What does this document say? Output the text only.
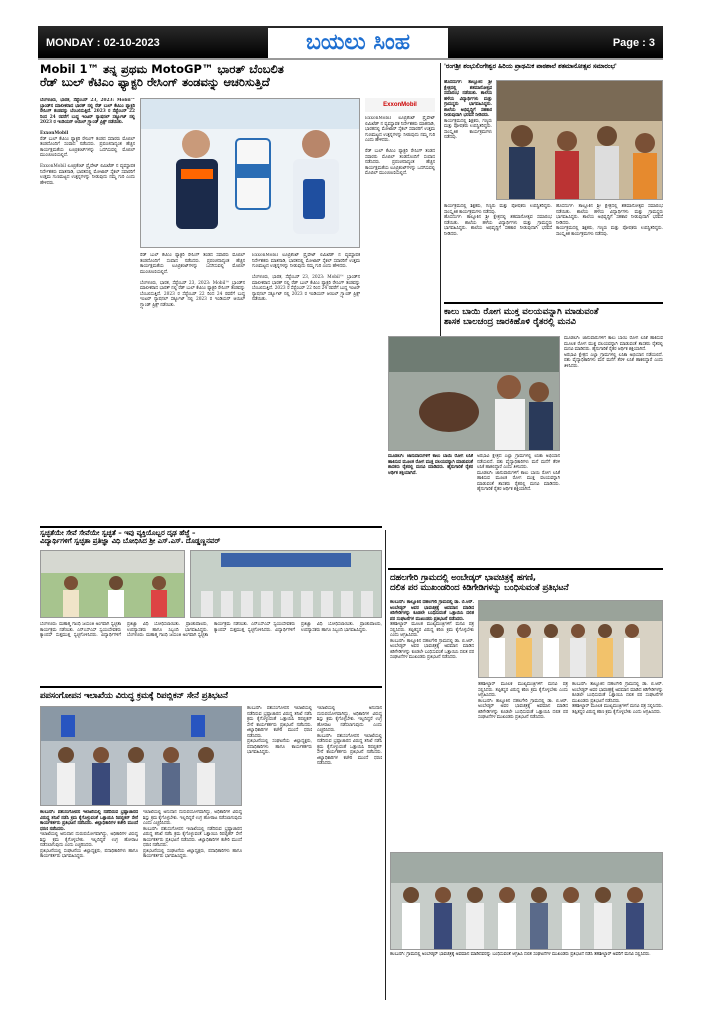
MONDAY : 02-10-2023	ಬಯಲು ಸಿಂಹ	Page : 3
Mobil 1™ ತನ್ನ ಪ್ರಥಮ MotoGP™ ಭಾರತ್ ಬೆಂಬಲಿತ
ರೆಡ್ ಬುಲ್ ಕೆಟಿಎಂ ಫ್ಯಾಕ್ಟರಿ ರೇಸಿಂಗ್ ತಂಡವನ್ನು ಆಚರಿಸುತ್ತಿದೆ
ಬೆಂಗಳೂರು, ಭಾರತ, ಸೆಪ್ಟೆಂಬರ್ 23, 2023: Mobil™ ಬ್ರಾಂಡ್‌ನ ಮಾಲೀಕರಾದ ಭಾರತ್ ನಲ್ಲಿ ರೆಡ್ ಬುಲ್ ಕೆಟಿಎಂ ಫ್ಯಾಕ್ಟರಿ ರೇಸಿಂಗ್ ತಂಡವನ್ನು ಬೆಂಬಲಿಸುತ್ತಿದೆ. 2023 ರ ಸೆಪ್ಟೆಂಬರ್ 22 ರಿಂದ 24 ರವರೆಗೆ ಬುದ್ಧ ಇಂಟರ್ ನ್ಯಾಷನಲ್ ಸರ್ಕ್ಯೂಟ್ ನಲ್ಲಿ 2023 ರ ಇಂಡಿಯನ್ ಆಯಿಲ್ ಗ್ರ್ಯಾಂಡ್ ಪ್ರಿಕ್ಸ್ ನಡೆಯಿತು.

ExxonMobil
ರೆಡ್ ಬುಲ್ ಕೆಟಿಎಂ ಫ್ಯಾಕ್ಟರಿ ರೇಸಿಂಗ್ ತಂಡದ ಸವಾರರು ಮೊಬಿಲ್ ತಂಡದೊಂದಿಗೆ ಸಂವಾದ ನಡೆಸಿದರು. ಪ್ರಪಂಚದಾದ್ಯಂತ ಹೆಚ್ಚಿನ ಕಾರ್ಯಕ್ಷಮತೆಯ ಲೂಬ್ರಿಕಂಟ್‌ಗಳನ್ನು ಒದಗಿಸುವಲ್ಲಿ ಮೊಬಿಲ್ ಮುಂಚೂಣಿಯಲ್ಲಿದೆ.

ExxonMobil ಲೂಬ್ರಿಕೆಂಟ್ ಪ್ರೈವೇಟ್ ಲಿಮಿಟೆಡ್ ನ ವ್ಯವಸ್ಥಾಪಕ ನಿರ್ದೇಶಕರು ಮಾತನಾಡಿ, ಭಾರತದಲ್ಲಿ ಮೋಟಾರ್ ಸೈಕಲ್ ಸವಾರರಿಗೆ ಉತ್ತಮ ಗುಣಮಟ್ಟದ ಉತ್ಪನ್ನಗಳನ್ನು ನೀಡುವುದು ನಮ್ಮ ಗುರಿ ಎಂದು ಹೇಳಿದರು.
ExxonMobil
ExxonMobil ಲೂಬ್ರಿಕೆಂಟ್ ಪ್ರೈವೇಟ್ ಲಿಮಿಟೆಡ್ ನ ವ್ಯವಸ್ಥಾಪಕ ನಿರ್ದೇಶಕರು ಮಾತನಾಡಿ, ಭಾರತದಲ್ಲಿ ಮೋಟಾರ್ ಸೈಕಲ್ ಸವಾರರಿಗೆ ಉತ್ತಮ ಗುಣಮಟ್ಟದ ಉತ್ಪನ್ನಗಳನ್ನು ನೀಡುವುದು ನಮ್ಮ ಗುರಿ ಎಂದು ಹೇಳಿದರು.

ರೆಡ್ ಬುಲ್ ಕೆಟಿಎಂ ಫ್ಯಾಕ್ಟರಿ ರೇಸಿಂಗ್ ತಂಡದ ಸವಾರರು ಮೊಬಿಲ್ ತಂಡದೊಂದಿಗೆ ಸಂವಾದ ನಡೆಸಿದರು. ಪ್ರಪಂಚದಾದ್ಯಂತ ಹೆಚ್ಚಿನ ಕಾರ್ಯಕ್ಷಮತೆಯ ಲೂಬ್ರಿಕಂಟ್‌ಗಳನ್ನು ಒದಗಿಸುವಲ್ಲಿ ಮೊಬಿಲ್ ಮುಂಚೂಣಿಯಲ್ಲಿದೆ.
ರೆಡ್ ಬುಲ್ ಕೆಟಿಎಂ ಫ್ಯಾಕ್ಟರಿ ರೇಸಿಂಗ್ ತಂಡದ ಸವಾರರು ಮೊಬಿಲ್ ತಂಡದೊಂದಿಗೆ ಸಂವಾದ ನಡೆಸಿದರು. ಪ್ರಪಂಚದಾದ್ಯಂತ ಹೆಚ್ಚಿನ ಕಾರ್ಯಕ್ಷಮತೆಯ ಲೂಬ್ರಿಕಂಟ್‌ಗಳನ್ನು ಒದಗಿಸುವಲ್ಲಿ ಮೊಬಿಲ್ ಮುಂಚೂಣಿಯಲ್ಲಿದೆ.

ಬೆಂಗಳೂರು, ಭಾರತ, ಸೆಪ್ಟೆಂಬರ್ 23, 2023: Mobil™ ಬ್ರಾಂಡ್‌ನ ಮಾಲೀಕರಾದ ಭಾರತ್ ನಲ್ಲಿ ರೆಡ್ ಬುಲ್ ಕೆಟಿಎಂ ಫ್ಯಾಕ್ಟರಿ ರೇಸಿಂಗ್ ತಂಡವನ್ನು ಬೆಂಬಲಿಸುತ್ತಿದೆ. 2023 ರ ಸೆಪ್ಟೆಂಬರ್ 22 ರಿಂದ 24 ರವರೆಗೆ ಬುದ್ಧ ಇಂಟರ್ ನ್ಯಾಷನಲ್ ಸರ್ಕ್ಯೂಟ್ ನಲ್ಲಿ 2023 ರ ಇಂಡಿಯನ್ ಆಯಿಲ್ ಗ್ರ್ಯಾಂಡ್ ಪ್ರಿಕ್ಸ್ ನಡೆಯಿತು.
ExxonMobil ಲೂಬ್ರಿಕೆಂಟ್ ಪ್ರೈವೇಟ್ ಲಿಮಿಟೆಡ್ ನ ವ್ಯವಸ್ಥಾಪಕ ನಿರ್ದೇಶಕರು ಮಾತನಾಡಿ, ಭಾರತದಲ್ಲಿ ಮೋಟಾರ್ ಸೈಕಲ್ ಸವಾರರಿಗೆ ಉತ್ತಮ ಗುಣಮಟ್ಟದ ಉತ್ಪನ್ನಗಳನ್ನು ನೀಡುವುದು ನಮ್ಮ ಗುರಿ ಎಂದು ಹೇಳಿದರು.

ಬೆಂಗಳೂರು, ಭಾರತ, ಸೆಪ್ಟೆಂಬರ್ 23, 2023: Mobil™ ಬ್ರಾಂಡ್‌ನ ಮಾಲೀಕರಾದ ಭಾರತ್ ನಲ್ಲಿ ರೆಡ್ ಬುಲ್ ಕೆಟಿಎಂ ಫ್ಯಾಕ್ಟರಿ ರೇಸಿಂಗ್ ತಂಡವನ್ನು ಬೆಂಬಲಿಸುತ್ತಿದೆ. 2023 ರ ಸೆಪ್ಟೆಂಬರ್ 22 ರಿಂದ 24 ರವರೆಗೆ ಬುದ್ಧ ಇಂಟರ್ ನ್ಯಾಷನಲ್ ಸರ್ಕ್ಯೂಟ್ ನಲ್ಲಿ 2023 ರ ಇಂಡಿಯನ್ ಆಯಿಲ್ ಗ್ರ್ಯಾಂಡ್ ಪ್ರಿಕ್ಸ್ ನಡೆಯಿತು.
'ರಂಗಶ್ರೀ ಶಂಭುಲಿಂಗೇಶ್ವರ ಹಿರಿಯ ಪ್ರಾಥಮಿಕ ಪಾಠಶಾಲೆ ಶತಮಾನೋತ್ಸವ ಸಮಾರಂಭ'
ಹೊಸದುರ್ಗ: ತಾಲ್ಲೂಕಿನ ಶ್ರೀ ಕ್ಷೇತ್ರದಲ್ಲಿ ಶತಮಾನೋತ್ಸವ ಸಮಾರಂಭ ನಡೆಯಿತು. ಶಾಲೆಯ ಹಳೆಯ ವಿದ್ಯಾರ್ಥಿಗಳು ಮತ್ತು ಗ್ರಾಮಸ್ಥರು ಭಾಗವಹಿಸಿದ್ದರು. ಶಾಲೆಯ ಅಭಿವೃದ್ಧಿಗೆ ಸಹಕಾರ ನೀಡುವುದಾಗಿ ಭರವಸೆ ನೀಡಿದರು.
ಕಾರ್ಯಕ್ರಮದಲ್ಲಿ ಶಿಕ್ಷಕರು, ಗಣ್ಯರು ಮತ್ತು ಪೋಷಕರು ಉಪಸ್ಥಿತರಿದ್ದರು. ಸಾಂಸ್ಕೃತಿಕ ಕಾರ್ಯಕ್ರಮಗಳು ನಡೆದವು.
ಕಾರ್ಯಕ್ರಮದಲ್ಲಿ ಶಿಕ್ಷಕರು, ಗಣ್ಯರು ಮತ್ತು ಪೋಷಕರು ಉಪಸ್ಥಿತರಿದ್ದರು. ಸಾಂಸ್ಕೃತಿಕ ಕಾರ್ಯಕ್ರಮಗಳು ನಡೆದವು.
ಹೊಸದುರ್ಗ: ತಾಲ್ಲೂಕಿನ ಶ್ರೀ ಕ್ಷೇತ್ರದಲ್ಲಿ ಶತಮಾನೋತ್ಸವ ಸಮಾರಂಭ ನಡೆಯಿತು. ಶಾಲೆಯ ಹಳೆಯ ವಿದ್ಯಾರ್ಥಿಗಳು ಮತ್ತು ಗ್ರಾಮಸ್ಥರು ಭಾಗವಹಿಸಿದ್ದರು. ಶಾಲೆಯ ಅಭಿವೃದ್ಧಿಗೆ ಸಹಕಾರ ನೀಡುವುದಾಗಿ ಭರವಸೆ ನೀಡಿದರು.
ಹೊಸದುರ್ಗ: ತಾಲ್ಲೂಕಿನ ಶ್ರೀ ಕ್ಷೇತ್ರದಲ್ಲಿ ಶತಮಾನೋತ್ಸವ ಸಮಾರಂಭ ನಡೆಯಿತು. ಶಾಲೆಯ ಹಳೆಯ ವಿದ್ಯಾರ್ಥಿಗಳು ಮತ್ತು ಗ್ರಾಮಸ್ಥರು ಭಾಗವಹಿಸಿದ್ದರು. ಶಾಲೆಯ ಅಭಿವೃದ್ಧಿಗೆ ಸಹಕಾರ ನೀಡುವುದಾಗಿ ಭರವಸೆ ನೀಡಿದರು.
ಕಾರ್ಯಕ್ರಮದಲ್ಲಿ ಶಿಕ್ಷಕರು, ಗಣ್ಯರು ಮತ್ತು ಪೋಷಕರು ಉಪಸ್ಥಿತರಿದ್ದರು. ಸಾಂಸ್ಕೃತಿಕ ಕಾರ್ಯಕ್ರಮಗಳು ನಡೆದವು.
ಕಾಲು ಬಾಯಿ ರೋಗ ಮುಕ್ತ ವಲಯವನ್ನಾಗಿ ಮಾಡುವಂತೆ
ಶಾಸಕ ಬಾಲಚಂದ್ರ ಜಾರಕಿಹೊಳಿ ರೈತರಲ್ಲಿ ಮನವಿ
ಮೂಡಲಗಿ: ಜಾನುವಾರುಗಳಿಗೆ ಕಾಲು ಬಾಯಿ ರೋಗ ಲಸಿಕೆ ಹಾಕಿಸುವ ಮೂಲಕ ರೋಗ ಮುಕ್ತ ವಲಯವನ್ನಾಗಿ ಮಾಡುವಂತೆ ಶಾಸಕರು ರೈತರಲ್ಲಿ ಮನವಿ ಮಾಡಿದರು. ಹೈನುಗಾರಿಕೆ ರೈತರ ಆರ್ಥಿಕ ಶಕ್ತಿಯಾಗಿದೆ.
ಅರಭಾವಿ ಕ್ಷೇತ್ರದ ಎಲ್ಲಾ ಗ್ರಾಮಗಳಲ್ಲಿ ಲಸಿಕಾ ಅಭಿಯಾನ ನಡೆಯಲಿದೆ. ಪಶು ವೈದ್ಯಾಧಿಕಾರಿಗಳು ಮನೆ ಮನೆಗೆ ತೆರಳಿ ಲಸಿಕೆ ಹಾಕಲಿದ್ದಾರೆ ಎಂದು ತಿಳಿಸಿದರು.
ಮೂಡಲಗಿ: ಜಾನುವಾರುಗಳಿಗೆ ಕಾಲು ಬಾಯಿ ರೋಗ ಲಸಿಕೆ ಹಾಕಿಸುವ ಮೂಲಕ ರೋಗ ಮುಕ್ತ ವಲಯವನ್ನಾಗಿ ಮಾಡುವಂತೆ ಶಾಸಕರು ರೈತರಲ್ಲಿ ಮನವಿ ಮಾಡಿದರು. ಹೈನುಗಾರಿಕೆ ರೈತರ ಆರ್ಥಿಕ ಶಕ್ತಿಯಾಗಿದೆ.
ಅರಭಾವಿ ಕ್ಷೇತ್ರದ ಎಲ್ಲಾ ಗ್ರಾಮಗಳಲ್ಲಿ ಲಸಿಕಾ ಅಭಿಯಾನ ನಡೆಯಲಿದೆ. ಪಶು ವೈದ್ಯಾಧಿಕಾರಿಗಳು ಮನೆ ಮನೆಗೆ ತೆರಳಿ ಲಸಿಕೆ ಹಾಕಲಿದ್ದಾರೆ ಎಂದು ತಿಳಿಸಿದರು.
ಮೂಡಲಗಿ: ಜಾನುವಾರುಗಳಿಗೆ ಕಾಲು ಬಾಯಿ ರೋಗ ಲಸಿಕೆ ಹಾಕಿಸುವ ಮೂಲಕ ರೋಗ ಮುಕ್ತ ವಲಯವನ್ನಾಗಿ ಮಾಡುವಂತೆ ಶಾಸಕರು ರೈತರಲ್ಲಿ ಮನವಿ ಮಾಡಿದರು. ಹೈನುಗಾರಿಕೆ ರೈತರ ಆರ್ಥಿಕ ಶಕ್ತಿಯಾಗಿದೆ.
ಸ್ವಚ್ಛತೆಯೇ ಸೇವೆ ಸೇವೆಯೇ ಸ್ವಚ್ಛತೆ – ಇವು ವ್ಯಕ್ತಿಯೊಬ್ಬರ ದೃಢ ಹೆಜ್ಜೆ –
ವಿದ್ಯಾರ್ಥಿಗಳಿಗೆ ಸ್ವಚ್ಛತಾ ಪ್ರತಿಜ್ಞಾ ವಿಧಿ ಬೋಧಿಸಿದ ಶ್ರೀ ಎಸ್.ಎಸ್. ದೊಡ್ಡಣ್ಣನವರ್
ಬೆಂಗಳೂರು: ಮಹಾತ್ಮ ಗಾಂಧಿ ಜಯಂತಿ ಅಂಗವಾಗಿ ಸ್ವಚ್ಛತಾ ಕಾರ್ಯಕ್ರಮ ನಡೆಯಿತು. ಎನ್ಎಸ್ಎಸ್ ಸ್ವಯಂಸೇವಕರು ಕ್ಯಾಂಪಸ್ ಸುತ್ತಮುತ್ತ ಸ್ವಚ್ಛಗೊಳಿಸಿದರು. ವಿದ್ಯಾರ್ಥಿಗಳಿಗೆ ಪ್ರತಿಜ್ಞಾ ವಿಧಿ ಬೋಧಿಸಲಾಯಿತು. ಪ್ರಾಂಶುಪಾಲರು, ಉಪನ್ಯಾಸಕರು ಹಾಗೂ ಸಿಬ್ಬಂದಿ ಭಾಗವಹಿಸಿದ್ದರು. ಬೆಂಗಳೂರು: ಮಹಾತ್ಮ ಗಾಂಧಿ ಜಯಂತಿ ಅಂಗವಾಗಿ ಸ್ವಚ್ಛತಾ ಕಾರ್ಯಕ್ರಮ ನಡೆಯಿತು. ಎನ್ಎಸ್ಎಸ್ ಸ್ವಯಂಸೇವಕರು ಕ್ಯಾಂಪಸ್ ಸುತ್ತಮುತ್ತ ಸ್ವಚ್ಛಗೊಳಿಸಿದರು. ವಿದ್ಯಾರ್ಥಿಗಳಿಗೆ ಪ್ರತಿಜ್ಞಾ ವಿಧಿ ಬೋಧಿಸಲಾಯಿತು. ಪ್ರಾಂಶುಪಾಲರು, ಉಪನ್ಯಾಸಕರು ಹಾಗೂ ಸಿಬ್ಬಂದಿ ಭಾಗವಹಿಸಿದ್ದರು.
ಪಪಸಂಗೋಪನ ಇಲಾಖೆಯ ವಿರುದ್ಧ ಕ್ರಮಕ್ಕೆ ರಿಪಬ್ಲಿಕನ್ ಸೇನೆ ಪ್ರತಿಭಟನೆ
ಕಲಬುರಗಿ: ಪಶುಸಂಗೋಪನ ಇಲಾಖೆಯಲ್ಲಿ ನಡೆದಿರುವ ಭ್ರಷ್ಟಾಚಾರದ ವಿರುದ್ಧ ತನಿಖೆ ನಡೆಸಿ ಕ್ರಮ ಕೈಗೊಳ್ಳುವಂತೆ ಒತ್ತಾಯಿಸಿ ರಿಪಬ್ಲಿಕನ್ ಸೇನೆ ಕಾರ್ಯಕರ್ತರು ಪ್ರತಿಭಟನೆ ನಡೆಸಿದರು. ಜಿಲ್ಲಾಧಿಕಾರಿಗಳ ಕಚೇರಿ ಮುಂದೆ ಧರಣಿ ನಡೆಸಿದರು.
ಇಲಾಖೆಯಲ್ಲಿ ಅನುದಾನ ದುರುಪಯೋಗವಾಗಿದ್ದು, ಅಧಿಕಾರಿಗಳ ವಿರುದ್ಧ ಶಿಸ್ತು ಕ್ರಮ ಕೈಗೊಳ್ಳಬೇಕು. ಇಲ್ಲದಿದ್ದರೆ ಉಗ್ರ ಹೋರಾಟ ನಡೆಸಲಾಗುವುದು ಎಂದು ಎಚ್ಚರಿಸಿದರು.
ಪ್ರತಿಭಟನೆಯಲ್ಲಿ ಸಂಘಟನೆಯ ಜಿಲ್ಲಾಧ್ಯಕ್ಷರು, ಪದಾಧಿಕಾರಿಗಳು ಹಾಗೂ ಕಾರ್ಯಕರ್ತರು ಭಾಗವಹಿಸಿದ್ದರು.
ಇಲಾಖೆಯಲ್ಲಿ ಅನುದಾನ ದುರುಪಯೋಗವಾಗಿದ್ದು, ಅಧಿಕಾರಿಗಳ ವಿರುದ್ಧ ಶಿಸ್ತು ಕ್ರಮ ಕೈಗೊಳ್ಳಬೇಕು. ಇಲ್ಲದಿದ್ದರೆ ಉಗ್ರ ಹೋರಾಟ ನಡೆಸಲಾಗುವುದು ಎಂದು ಎಚ್ಚರಿಸಿದರು.
ಕಲಬುರಗಿ: ಪಶುಸಂಗೋಪನ ಇಲಾಖೆಯಲ್ಲಿ ನಡೆದಿರುವ ಭ್ರಷ್ಟಾಚಾರದ ವಿರುದ್ಧ ತನಿಖೆ ನಡೆಸಿ ಕ್ರಮ ಕೈಗೊಳ್ಳುವಂತೆ ಒತ್ತಾಯಿಸಿ ರಿಪಬ್ಲಿಕನ್ ಸೇನೆ ಕಾರ್ಯಕರ್ತರು ಪ್ರತಿಭಟನೆ ನಡೆಸಿದರು. ಜಿಲ್ಲಾಧಿಕಾರಿಗಳ ಕಚೇರಿ ಮುಂದೆ ಧರಣಿ ನಡೆಸಿದರು.
ಪ್ರತಿಭಟನೆಯಲ್ಲಿ ಸಂಘಟನೆಯ ಜಿಲ್ಲಾಧ್ಯಕ್ಷರು, ಪದಾಧಿಕಾರಿಗಳು ಹಾಗೂ ಕಾರ್ಯಕರ್ತರು ಭಾಗವಹಿಸಿದ್ದರು.
ಕಲಬುರಗಿ: ಪಶುಸಂಗೋಪನ ಇಲಾಖೆಯಲ್ಲಿ ನಡೆದಿರುವ ಭ್ರಷ್ಟಾಚಾರದ ವಿರುದ್ಧ ತನಿಖೆ ನಡೆಸಿ ಕ್ರಮ ಕೈಗೊಳ್ಳುವಂತೆ ಒತ್ತಾಯಿಸಿ ರಿಪಬ್ಲಿಕನ್ ಸೇನೆ ಕಾರ್ಯಕರ್ತರು ಪ್ರತಿಭಟನೆ ನಡೆಸಿದರು. ಜಿಲ್ಲಾಧಿಕಾರಿಗಳ ಕಚೇರಿ ಮುಂದೆ ಧರಣಿ ನಡೆಸಿದರು.
ಪ್ರತಿಭಟನೆಯಲ್ಲಿ ಸಂಘಟನೆಯ ಜಿಲ್ಲಾಧ್ಯಕ್ಷರು, ಪದಾಧಿಕಾರಿಗಳು ಹಾಗೂ ಕಾರ್ಯಕರ್ತರು ಭಾಗವಹಿಸಿದ್ದರು.
ಇಲಾಖೆಯಲ್ಲಿ ಅನುದಾನ ದುರುಪಯೋಗವಾಗಿದ್ದು, ಅಧಿಕಾರಿಗಳ ವಿರುದ್ಧ ಶಿಸ್ತು ಕ್ರಮ ಕೈಗೊಳ್ಳಬೇಕು. ಇಲ್ಲದಿದ್ದರೆ ಉಗ್ರ ಹೋರಾಟ ನಡೆಸಲಾಗುವುದು ಎಂದು ಎಚ್ಚರಿಸಿದರು.
ಕಲಬುರಗಿ: ಪಶುಸಂಗೋಪನ ಇಲಾಖೆಯಲ್ಲಿ ನಡೆದಿರುವ ಭ್ರಷ್ಟಾಚಾರದ ವಿರುದ್ಧ ತನಿಖೆ ನಡೆಸಿ ಕ್ರಮ ಕೈಗೊಳ್ಳುವಂತೆ ಒತ್ತಾಯಿಸಿ ರಿಪಬ್ಲಿಕನ್ ಸೇನೆ ಕಾರ್ಯಕರ್ತರು ಪ್ರತಿಭಟನೆ ನಡೆಸಿದರು. ಜಿಲ್ಲಾಧಿಕಾರಿಗಳ ಕಚೇರಿ ಮುಂದೆ ಧರಣಿ ನಡೆಸಿದರು.
ದಹಲಗೇರಿ ಗ್ರಾಮದಲ್ಲಿ ಅಂಬೇಡ್ಕರ್ ಭಾವಚಿತ್ರಕ್ಕೆ ಹಗಣಿ,
ದಲಿತ ಪರ ಮುಖಂಡರಿಂದ ಕಿಡಿಗೇಡಿಗಳನ್ನು ಬಂಧಿಸುವಂತೆ ಪ್ರತಿಭಟನೆ
ಕಲಬುರಗಿ: ತಾಲ್ಲೂಕಿನ ದಹಲಗೇರಿ ಗ್ರಾಮದಲ್ಲಿ ಡಾ. ಬಿ.ಆರ್. ಅಂಬೇಡ್ಕರ್ ಅವರ ಭಾವಚಿತ್ರಕ್ಕೆ ಅವಮಾನ ಮಾಡಿದ ಕಿಡಿಗೇಡಿಗಳನ್ನು ಕೂಡಲೇ ಬಂಧಿಸುವಂತೆ ಒತ್ತಾಯಿಸಿ ದಲಿತ ಪರ ಸಂಘಟನೆಗಳ ಮುಖಂಡರು ಪ್ರತಿಭಟನೆ ನಡೆಸಿದರು.
ತಹಶೀಲ್ದಾರ್ ಮೂಲಕ ಮುಖ್ಯಮಂತ್ರಿಗಳಿಗೆ ಮನವಿ ಪತ್ರ ಸಲ್ಲಿಸಿದರು. ತಪ್ಪಿತಸ್ಥರ ವಿರುದ್ಧ ಕಠಿಣ ಕ್ರಮ ಕೈಗೊಳ್ಳಬೇಕು ಎಂದು ಆಗ್ರಹಿಸಿದರು.
ಕಲಬುರಗಿ: ತಾಲ್ಲೂಕಿನ ದಹಲಗೇರಿ ಗ್ರಾಮದಲ್ಲಿ ಡಾ. ಬಿ.ಆರ್. ಅಂಬೇಡ್ಕರ್ ಅವರ ಭಾವಚಿತ್ರಕ್ಕೆ ಅವಮಾನ ಮಾಡಿದ ಕಿಡಿಗೇಡಿಗಳನ್ನು ಕೂಡಲೇ ಬಂಧಿಸುವಂತೆ ಒತ್ತಾಯಿಸಿ ದಲಿತ ಪರ ಸಂಘಟನೆಗಳ ಮುಖಂಡರು ಪ್ರತಿಭಟನೆ ನಡೆಸಿದರು.
ತಹಶೀಲ್ದಾರ್ ಮೂಲಕ ಮುಖ್ಯಮಂತ್ರಿಗಳಿಗೆ ಮನವಿ ಪತ್ರ ಸಲ್ಲಿಸಿದರು. ತಪ್ಪಿತಸ್ಥರ ವಿರುದ್ಧ ಕಠಿಣ ಕ್ರಮ ಕೈಗೊಳ್ಳಬೇಕು ಎಂದು ಆಗ್ರಹಿಸಿದರು.
ಕಲಬುರಗಿ: ತಾಲ್ಲೂಕಿನ ದಹಲಗೇರಿ ಗ್ರಾಮದಲ್ಲಿ ಡಾ. ಬಿ.ಆರ್. ಅಂಬೇಡ್ಕರ್ ಅವರ ಭಾವಚಿತ್ರಕ್ಕೆ ಅವಮಾನ ಮಾಡಿದ ಕಿಡಿಗೇಡಿಗಳನ್ನು ಕೂಡಲೇ ಬಂಧಿಸುವಂತೆ ಒತ್ತಾಯಿಸಿ ದಲಿತ ಪರ ಸಂಘಟನೆಗಳ ಮುಖಂಡರು ಪ್ರತಿಭಟನೆ ನಡೆಸಿದರು.
ಕಲಬುರಗಿ: ತಾಲ್ಲೂಕಿನ ದಹಲಗೇರಿ ಗ್ರಾಮದಲ್ಲಿ ಡಾ. ಬಿ.ಆರ್. ಅಂಬೇಡ್ಕರ್ ಅವರ ಭಾವಚಿತ್ರಕ್ಕೆ ಅವಮಾನ ಮಾಡಿದ ಕಿಡಿಗೇಡಿಗಳನ್ನು ಕೂಡಲೇ ಬಂಧಿಸುವಂತೆ ಒತ್ತಾಯಿಸಿ ದಲಿತ ಪರ ಸಂಘಟನೆಗಳ ಮುಖಂಡರು ಪ್ರತಿಭಟನೆ ನಡೆಸಿದರು.
ತಹಶೀಲ್ದಾರ್ ಮೂಲಕ ಮುಖ್ಯಮಂತ್ರಿಗಳಿಗೆ ಮನವಿ ಪತ್ರ ಸಲ್ಲಿಸಿದರು. ತಪ್ಪಿತಸ್ಥರ ವಿರುದ್ಧ ಕಠಿಣ ಕ್ರಮ ಕೈಗೊಳ್ಳಬೇಕು ಎಂದು ಆಗ್ರಹಿಸಿದರು.
ಕಲಬುರಗಿ: ಗ್ರಾಮದಲ್ಲಿ ಅಂಬೇಡ್ಕರ್ ಭಾವಚಿತ್ರಕ್ಕೆ ಅವಮಾನ ಮಾಡಿದವರನ್ನು ಬಂಧಿಸುವಂತೆ ಆಗ್ರಹಿಸಿ ದಲಿತ ಸಂಘಟನೆಗಳ ಮುಖಂಡರು ಪ್ರತಿಭಟನೆ ನಡೆಸಿ ತಹಶೀಲ್ದಾರ್ ಅವರಿಗೆ ಮನವಿ ಸಲ್ಲಿಸಿದರು.
